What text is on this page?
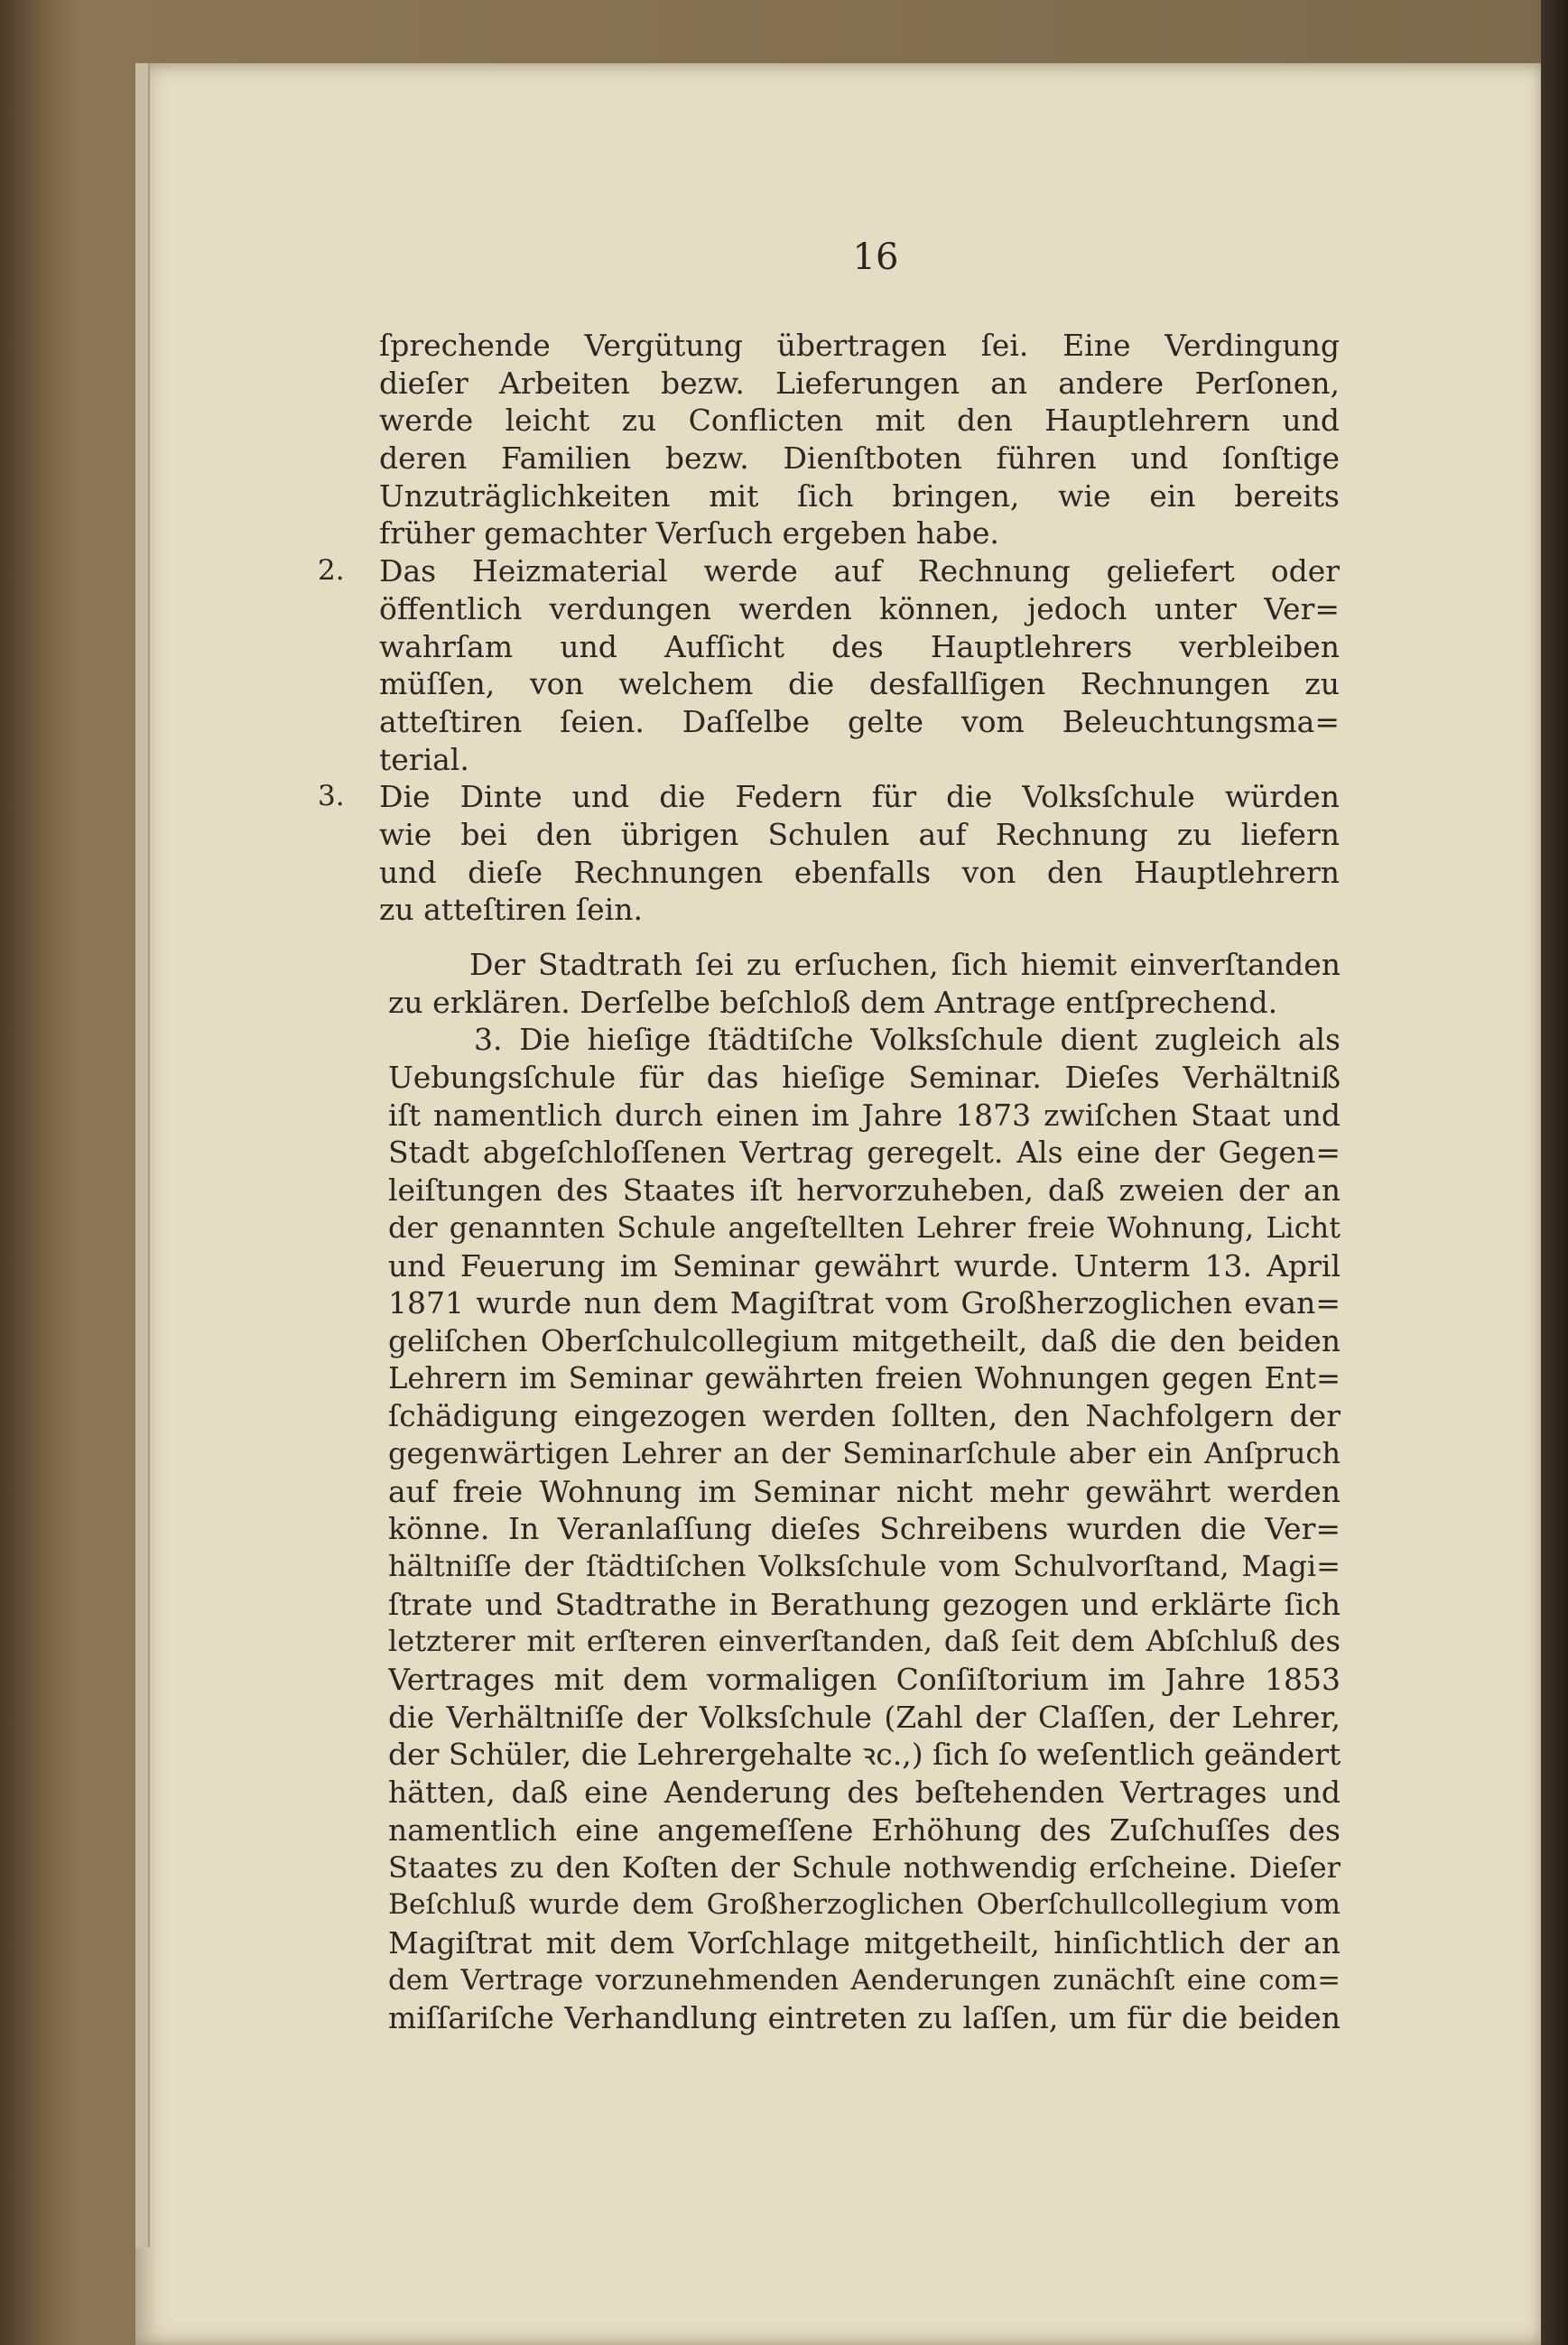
16
ſprechende Vergütung übertragen ſei. Eine Verdingung
dieſer Arbeiten bezw. Lieferungen an andere Perſonen,
werde leicht zu Conflicten mit den Hauptlehrern und
deren Familien bezw. Dienſtboten führen und ſonſtige
Unzuträglichkeiten mit ſich bringen, wie ein bereits
früher gemachter Verſuch ergeben habe.
2. Das Heizmaterial werde auf Rechnung geliefert oder
öffentlich verdungen werden können, jedoch unter Ver=
wahrſam und Aufſicht des Hauptlehrers verbleiben
müſſen, von welchem die desfallſigen Rechnungen zu
atteſtiren ſeien. Daſſelbe gelte vom Beleuchtungsma=
terial.
3. Die Dinte und die Federn für die Volksſchule würden
wie bei den übrigen Schulen auf Rechnung zu liefern
und dieſe Rechnungen ebenfalls von den Hauptlehrern
zu atteſtiren ſein.
Der Stadtrath ſei zu erſuchen, ſich hiemit einverſtanden
zu erklären. Derſelbe beſchloß dem Antrage entſprechend.
3. Die hieſige ſtädtiſche Volksſchule dient zugleich als
Uebungsſchule für das hieſige Seminar. Dieſes Verhältniß
iſt namentlich durch einen im Jahre 1873 zwiſchen Staat und
Stadt abgeſchloſſenen Vertrag geregelt. Als eine der Gegen=
leiſtungen des Staates iſt hervorzuheben, daß zweien der an
der genannten Schule angeſtellten Lehrer freie Wohnung, Licht
und Feuerung im Seminar gewährt wurde. Unterm 13. April
1871 wurde nun dem Magiſtrat vom Großherzoglichen evan=
geliſchen Oberſchulcollegium mitgetheilt, daß die den beiden
Lehrern im Seminar gewährten freien Wohnungen gegen Ent=
ſchädigung eingezogen werden ſollten, den Nachfolgern der
gegenwärtigen Lehrer an der Seminarſchule aber ein Anſpruch
auf freie Wohnung im Seminar nicht mehr gewährt werden
könne. In Veranlaſſung dieſes Schreibens wurden die Ver=
hältniſſe der ſtädtiſchen Volksſchule vom Schulvorſtand, Magi=
ſtrate und Stadtrathe in Berathung gezogen und erklärte ſich
letzterer mit erſteren einverſtanden, daß ſeit dem Abſchluß des
Vertrages mit dem vormaligen Conſiſtorium im Jahre 1853
die Verhältniſſe der Volksſchule (Zahl der Claſſen, der Lehrer,
der Schüler, die Lehrergehalte ꝛc.,) ſich ſo weſentlich geändert
hätten, daß eine Aenderung des beſtehenden Vertrages und
namentlich eine angemeſſene Erhöhung des Zuſchuſſes des
Staates zu den Koſten der Schule nothwendig erſcheine. Dieſer
Beſchluß wurde dem Großherzoglichen Oberſchullcollegium vom
Magiſtrat mit dem Vorſchlage mitgetheilt, hinſichtlich der an
dem Vertrage vorzunehmenden Aenderungen zunächſt eine com=
miſſariſche Verhandlung eintreten zu laſſen, um für die beiden
